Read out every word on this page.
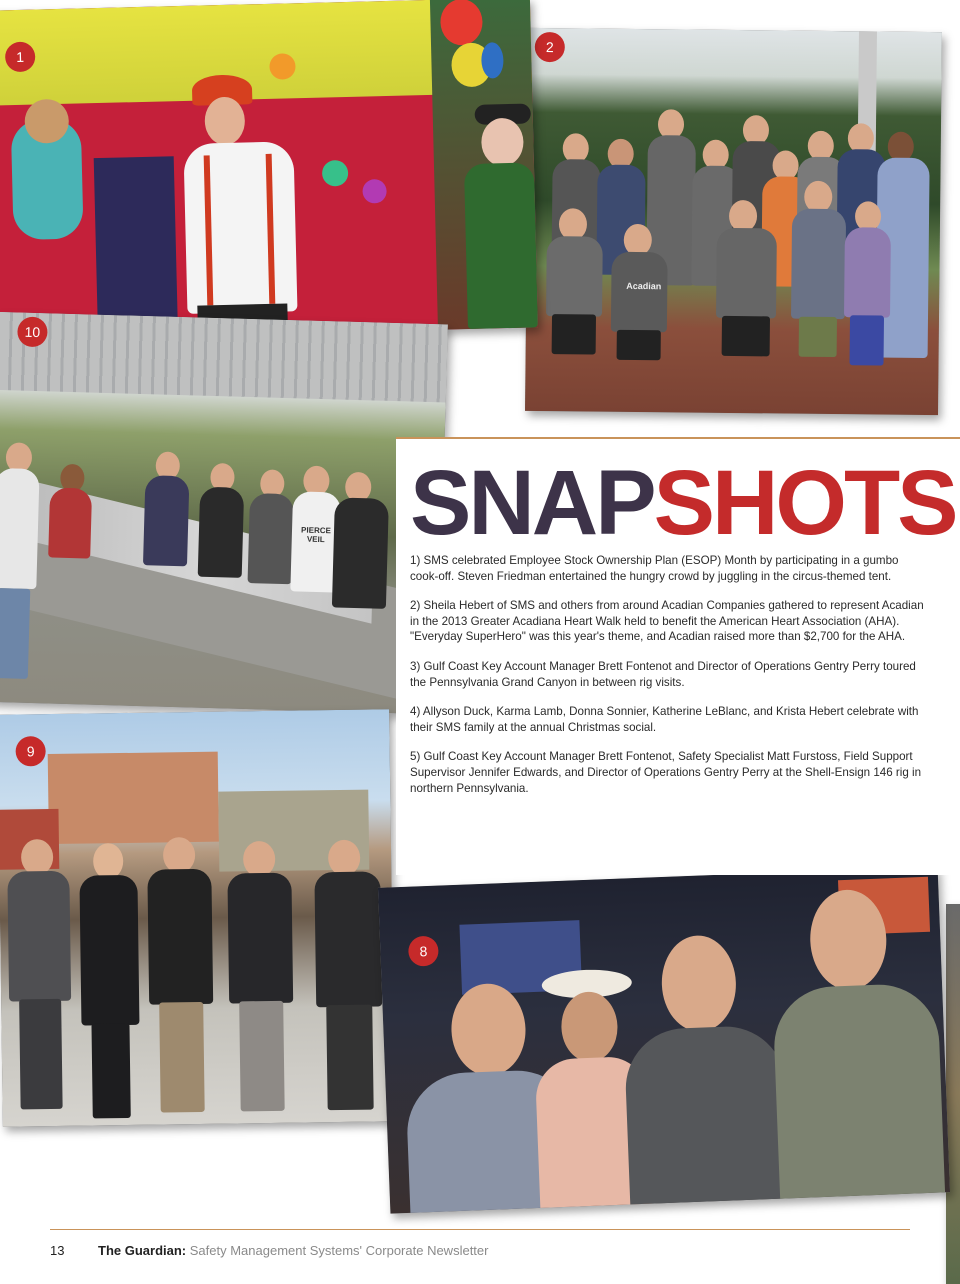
Acadian
2
1
PIERCE VEIL
10
9
8
SNAPSHOTS

1) SMS celebrated Employee Stock Ownership Plan (ESOP) Month by participating in a gumbo cook-off. Steven Friedman entertained the hungry crowd by juggling in the circus-themed tent.

2) Sheila Hebert of SMS and others from around Acadian Companies gathered to represent Acadian in the 2013 Greater Acadiana Heart Walk held to benefit the American Heart Association (AHA). "Everyday SuperHero" was this year's theme, and Acadian raised more than $2,700 for the AHA.

3) Gulf Coast Key Account Manager Brett Fontenot and Director of Operations Gentry Perry toured the Pennsylvania Grand Canyon in between rig visits.

4) Allyson Duck, Karma Lamb, Donna Sonnier, Katherine LeBlanc, and Krista Hebert celebrate with their SMS family at the annual Christmas social.

5) Gulf Coast Key Account Manager Brett Fontenot, Safety Specialist Matt Furstoss, Field Support Supervisor Jennifer Edwards, and Director of Operations Gentry Perry at the Shell-Ensign 146 rig in northern Pennsylvania.

13	The Guardian: Safety Management Systems' Corporate Newsletter
